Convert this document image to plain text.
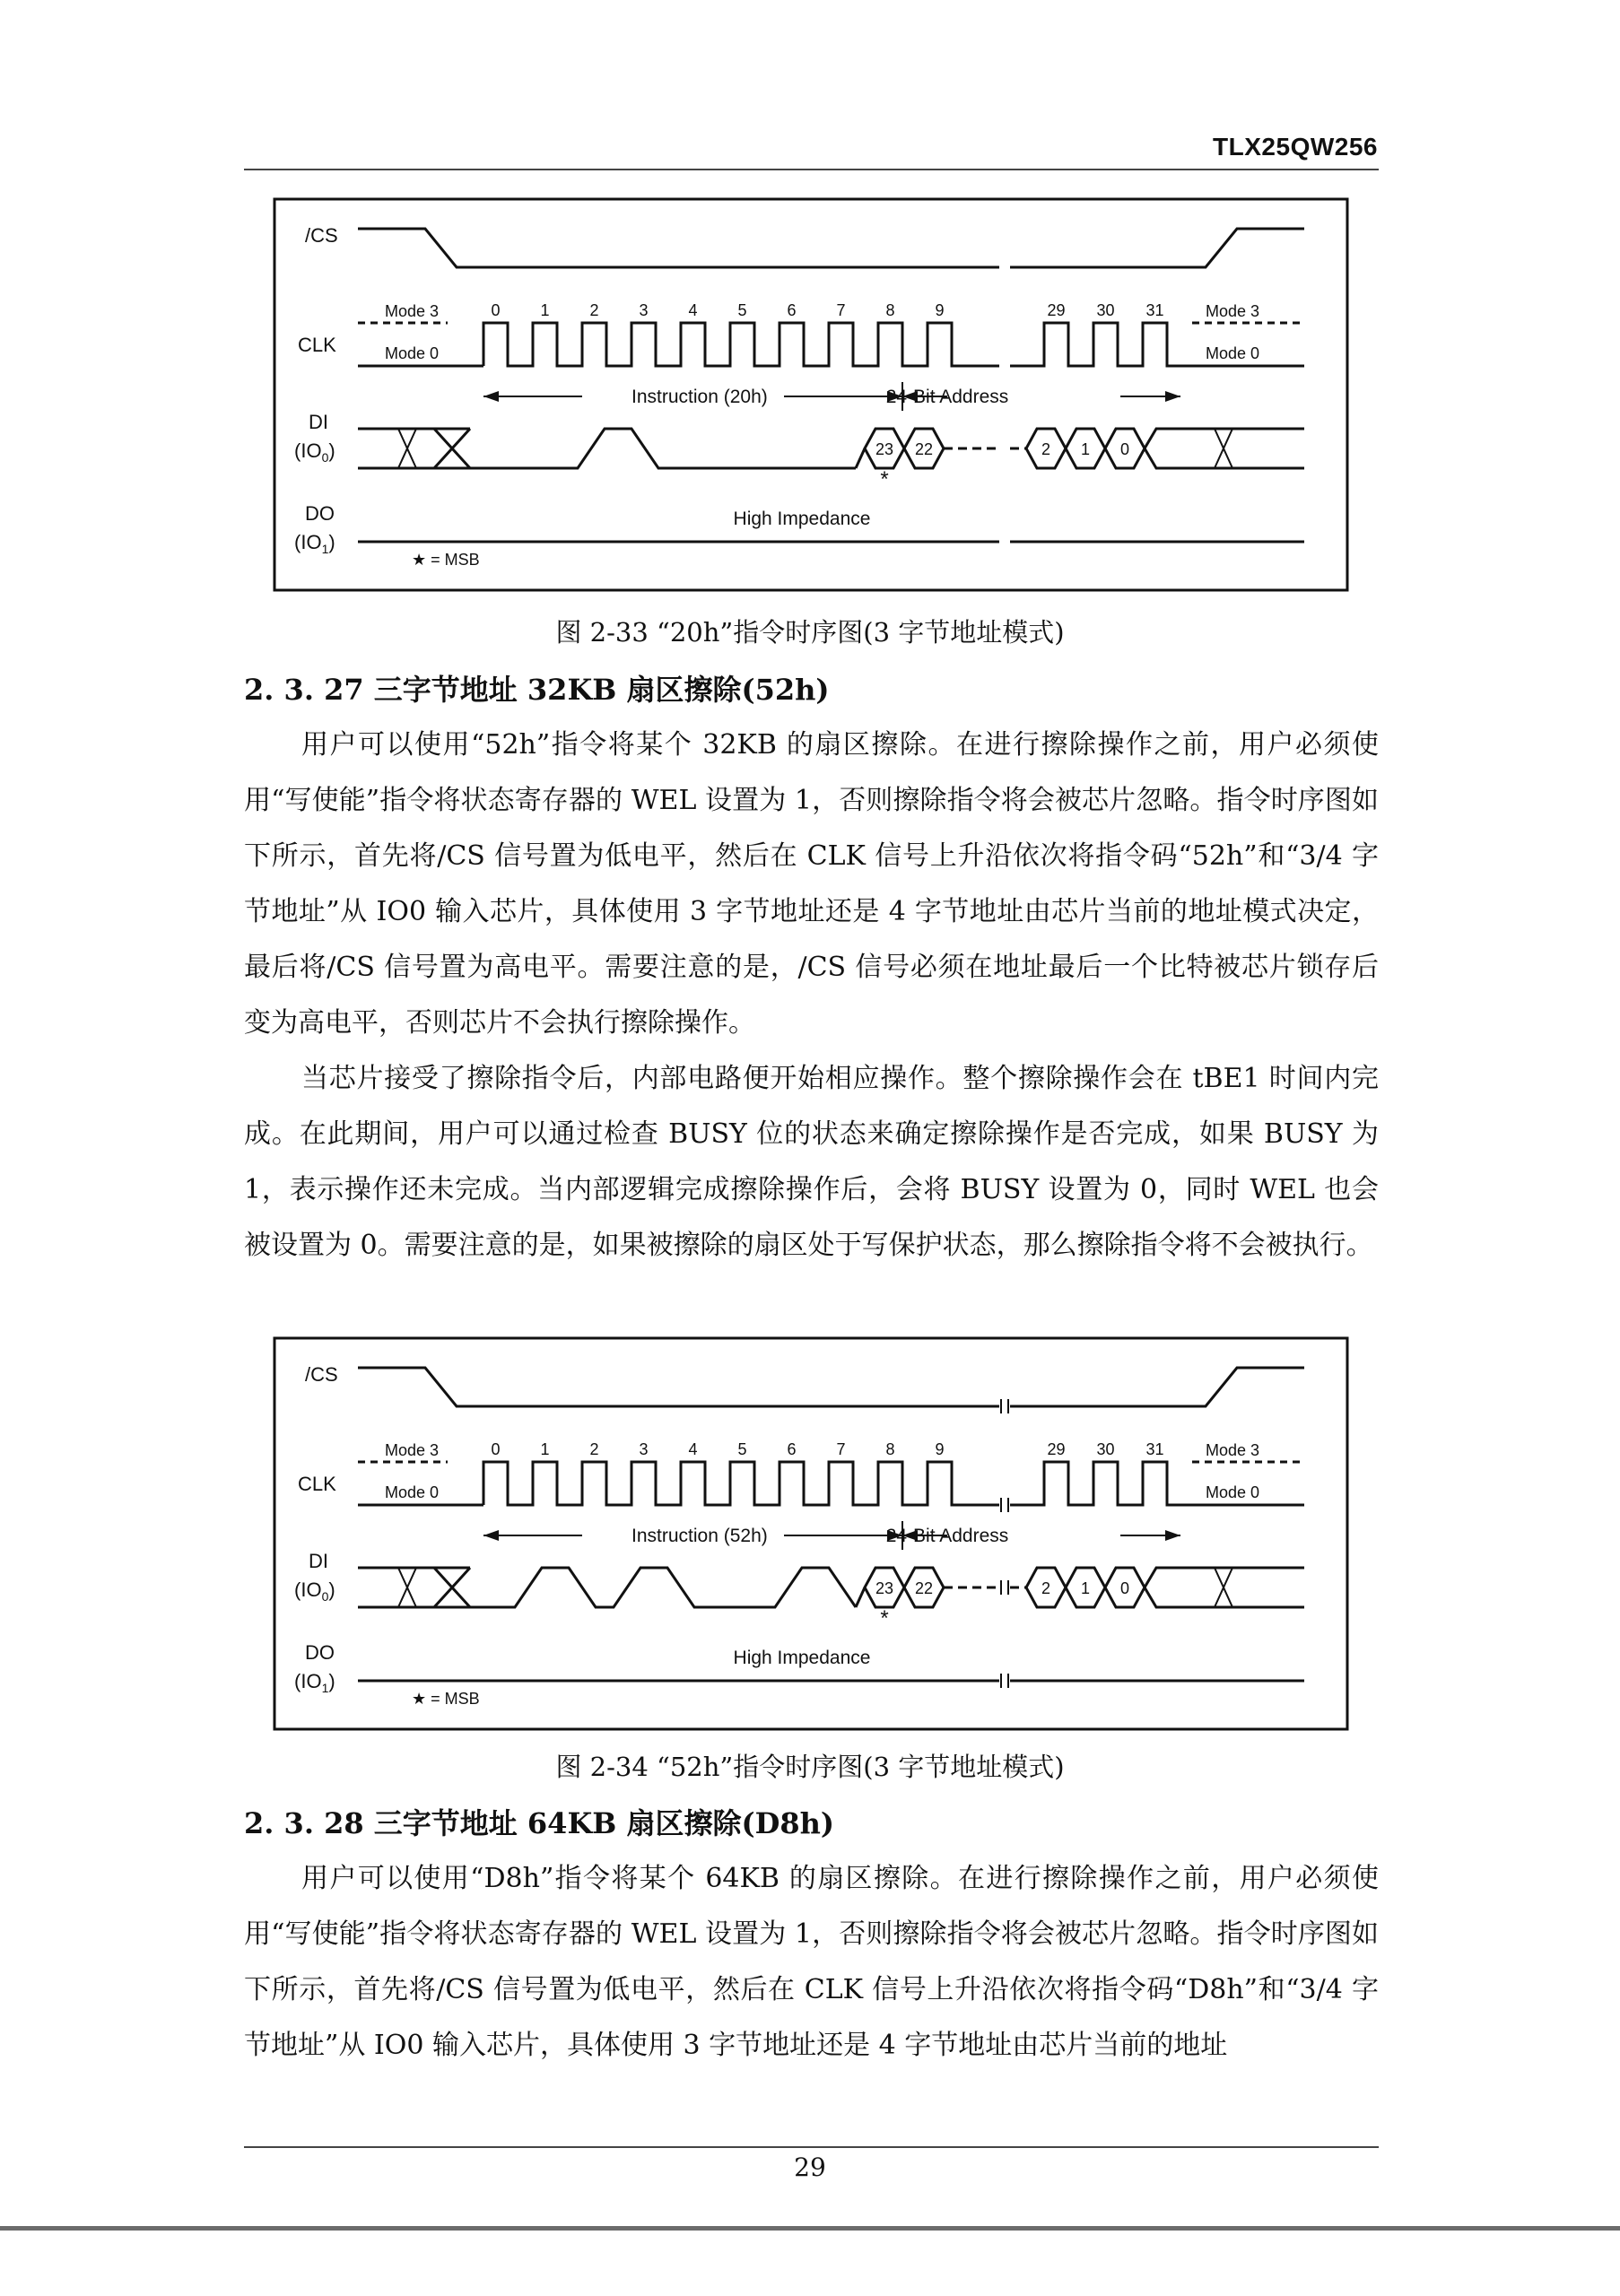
TLX25QW256
/CS
CLK
Mode 3
Mode 0
Mode 3
Mode 0
0 1 2 3 4 5 6 7 8 9	29 30 31
Instruction (20h)	24-Bit Address
DI
$(IO_0)$	23 22	2 1 0
*
DO
$(IO_1)$
High Impedance
★ = MSB
图 2-33 “20h”指令时序图(3 字节地址模式)
2. 3. 27 三字节地址 32KB 扇区擦除(52h)

用户可以使用“52h”指令将某个 32KB 的扇区擦除。在进行擦除操作之前，用户必须使用“写使能”指令将状态寄存器的 WEL 设置为 1，否则擦除指令将会被芯片忽略。指令时序图如下所示，首先将/CS 信号置为低电平，然后在 CLK 信号上升沿依次将指令码“52h”和“3/4 字节地址”从 IO0 输入芯片，具体使用 3 字节地址还是 4 字节地址由芯片当前的地址模式决定，最后将/CS 信号置为高电平。需要注意的是，/CS 信号必须在地址最后一个比特被芯片锁存后变为高电平，否则芯片不会执行擦除操作。

当芯片接受了擦除指令后，内部电路便开始相应操作。整个擦除操作会在 tBE1 时间内完成。在此期间，用户可以通过检查 BUSY 位的状态来确定擦除操作是否完成，如果 BUSY 为 1，表示操作还未完成。当内部逻辑完成擦除操作后，会将 BUSY 设置为 0，同时 WEL 也会被设置为 0。需要注意的是，如果被擦除的扇区处于写保护状态，那么擦除指令将不会被执行。

/CS
CLK
Mode 3
Mode 0
Mode 3
Mode 0
0 1 2 3 4 5 6 7 8 9	29 30 31
Instruction (52h)	24-Bit Address
DI
$(IO_0)$	23 22	2 1 0
*
DO
$(IO_1)$
High Impedance
★ = MSB
图 2-34 “52h”指令时序图(3 字节地址模式)
2. 3. 28 三字节地址 64KB 扇区擦除(D8h)

用户可以使用“D8h”指令将某个 64KB 的扇区擦除。在进行擦除操作之前，用户必须使用“写使能”指令将状态寄存器的 WEL 设置为 1，否则擦除指令将会被芯片忽略。指令时序图如下所示，首先将/CS 信号置为低电平，然后在 CLK 信号上升沿依次将指令码“D8h”和“3/4 字节地址”从 IO0 输入芯片，具体使用 3 字节地址还是 4 字节地址由芯片当前的地址

29
